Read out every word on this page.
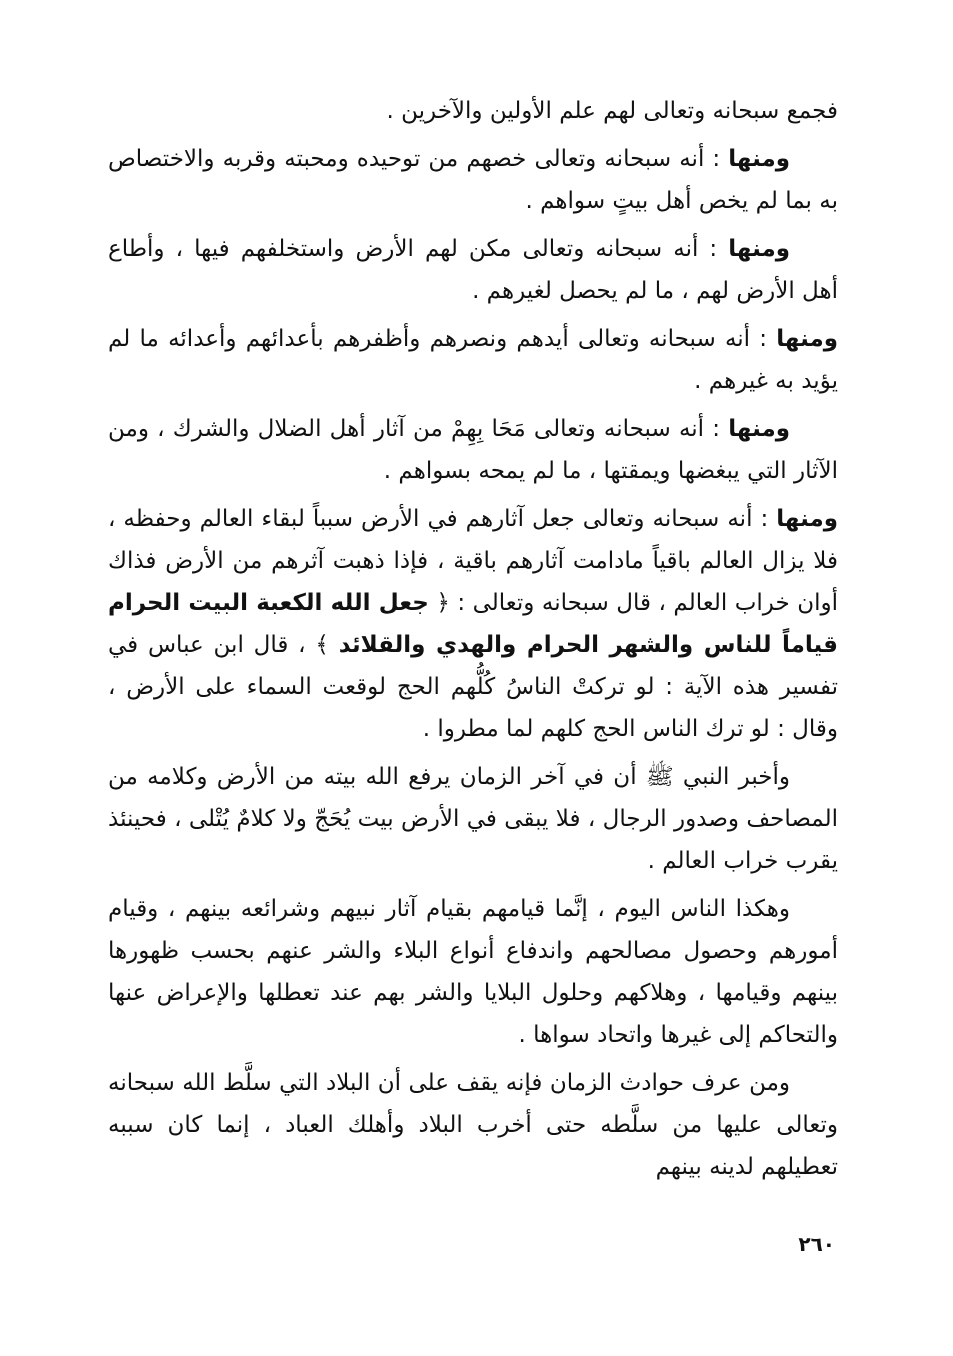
فجمع سبحانه وتعالى لهم علم الأولين والآخرين .

ومنها : أنه سبحانه وتعالى خصهم من توحيده ومحبته وقربه والاختصاص به بما لم يخص أهل بيتٍ سواهم .

ومنها : أنه سبحانه وتعالى مكن لهم الأرض واستخلفهم فيها ، وأطاع أهل الأرض لهم ، ما لم يحصل لغيرهم .

ومنها : أنه سبحانه وتعالى أيدهم ونصرهم وأظفرهم بأعدائهم وأعدائه ما لم يؤيد به غيرهم .

ومنها : أنه سبحانه وتعالى مَحَا بِهِمْ من آثار أهل الضلال والشرك ، ومن الآثار التي يبغضها ويمقتها ، ما لم يمحه بسواهم .

ومنها : أنه سبحانه وتعالى جعل آثارهم في الأرض سبباً لبقاء العالم وحفظه ، فلا يزال العالم باقياً مادامت آثارهم باقية ، فإذا ذهبت آثرهم من الأرض فذاك أوان خراب العالم ، قال سبحانه وتعالى : ﴿ جعل الله الكعبة البيت الحرام قياماً للناس والشهر الحرام والهدي والقلائد ﴾ ، قال ابن عباس في تفسير هذه الآية : لو تركتْ الناسُ كُلُّهم الحج لوقعت السماء على الأرض ، وقال : لو ترك الناس الحج كلهم لما مطروا .

وأخبر النبي ﷺ أن في آخر الزمان يرفع الله بيته من الأرض وكلامه من المصاحف وصدور الرجال ، فلا يبقى في الأرض بيت يُحَجّ ولا كلامٌ يُتْلى ، فحينئذ يقرب خراب العالم .

وهكذا الناس اليوم ، إنَّما قيامهم بقيام آثار نبيهم وشرائعه بينهم ، وقيام أمورهم وحصول مصالحهم واندفاع أنواع البلاء والشر عنهم بحسب ظهورها بينهم وقيامها ، وهلاكهم وحلول البلايا والشر بهم عند تعطلها والإعراض عنها والتحاكم إلى غيرها واتحاد سواها .

ومن عرف حوادث الزمان فإنه يقف على أن البلاد التي سلَّط الله سبحانه وتعالى عليها من سلَّطه حتى أخرب البلاد وأهلك العباد ، إنما كان سببه تعطيلهم لدينه بينهم

٢٦٠
